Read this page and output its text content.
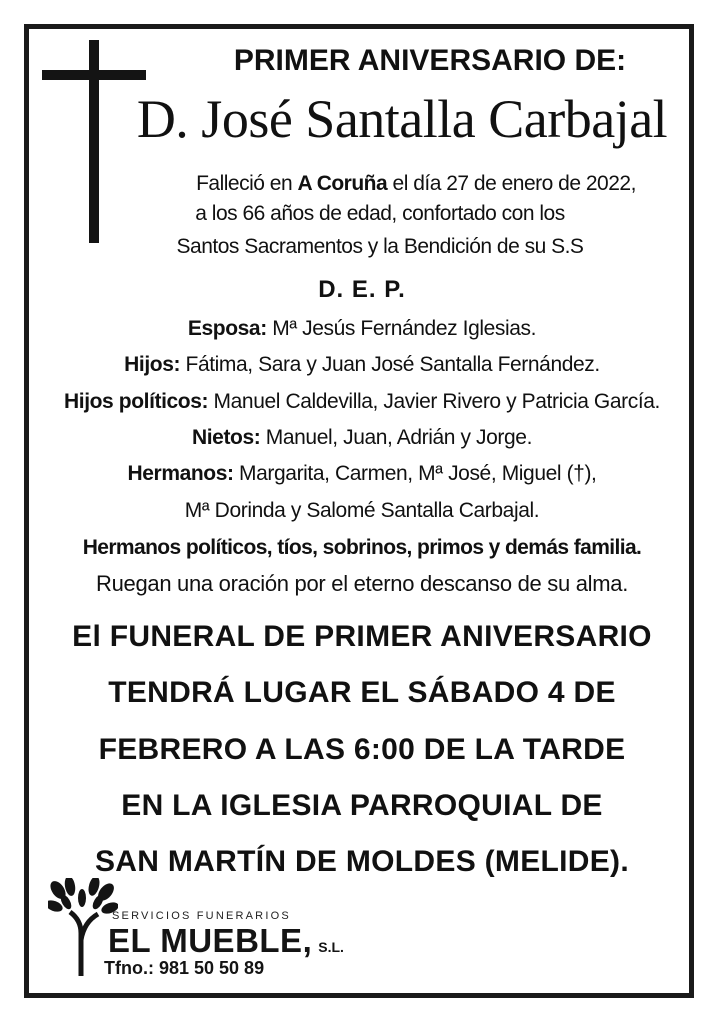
PRIMER ANIVERSARIO DE:
D. José Santalla Carbajal
Falleció en A Coruña el día 27 de enero de 2022,
a los 66 años de edad, confortado con los
Santos Sacramentos y la Bendición de su S.S
D. E. P.
Esposa: Mª Jesús Fernández Iglesias.
Hijos: Fátima, Sara y Juan José Santalla Fernández.
Hijos políticos: Manuel Caldevilla, Javier Rivero y Patricia García.
Nietos: Manuel, Juan, Adrián y Jorge.
Hermanos: Margarita, Carmen, Mª José, Miguel (†),
Mª Dorinda y Salomé Santalla Carbajal.
Hermanos políticos, tíos, sobrinos, primos y demás familia.
Ruegan una oración por el eterno descanso de su alma.
El FUNERAL DE PRIMER ANIVERSARIO
TENDRÁ LUGAR EL SÁBADO 4 DE
FEBRERO A LAS 6:00 DE LA TARDE
EN LA IGLESIA PARROQUIAL DE
SAN MARTÍN DE MOLDES (MELIDE).
SERVICIOS FUNERARIOS
EL MUEBLE, S.L.
Tfno.: 981 50 50 89
